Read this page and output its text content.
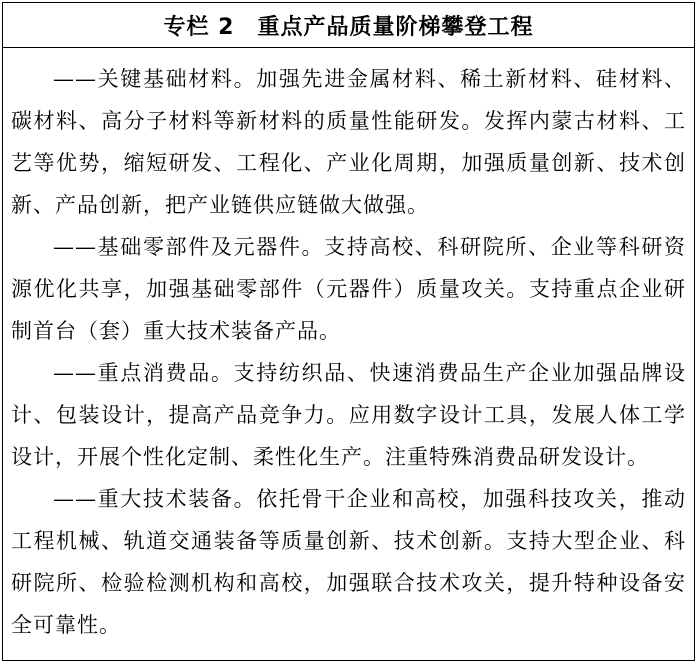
专栏 2　重点产品质量阶梯攀登工程

——关键基础材料。加强先进金属材料、稀土新材料、硅材料、碳材料、高分子材料等新材料的质量性能研发。发挥内蒙古材料、工艺等优势，缩短研发、工程化、产业化周期，加强质量创新、技术创新、产品创新，把产业链供应链做大做强。

——基础零部件及元器件。支持高校、科研院所、企业等科研资源优化共享，加强基础零部件（元器件）质量攻关。支持重点企业研制首台（套）重大技术装备产品。

——重点消费品。支持纺织品、快速消费品生产企业加强品牌设计、包装设计，提高产品竞争力。应用数字设计工具，发展人体工学设计，开展个性化定制、柔性化生产。注重特殊消费品研发设计。

——重大技术装备。依托骨干企业和高校，加强科技攻关，推动工程机械、轨道交通装备等质量创新、技术创新。支持大型企业、科研院所、检验检测机构和高校，加强联合技术攻关，提升特种设备安全可靠性。
